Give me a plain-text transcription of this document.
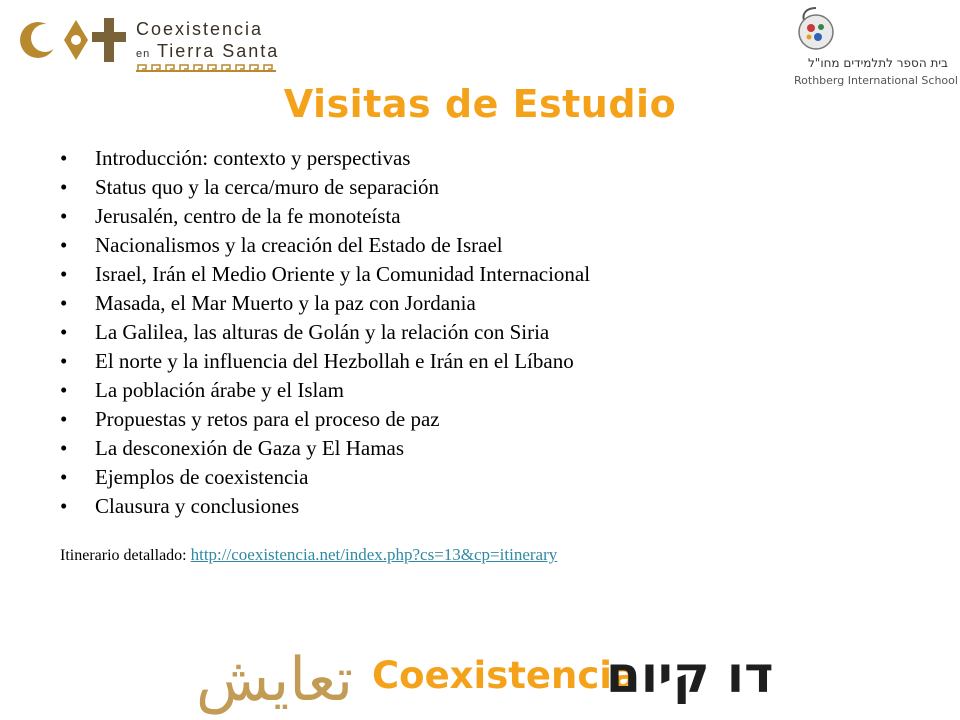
Coexistencia
en Tierra Santa
בית הספר לתלמידים מחו"ל
Rothberg International School
Visitas de Estudio
• Introducción: contexto y perspectivas
• Status quo y la cerca/muro de separación
• Jerusalén, centro de la fe monoteísta
• Nacionalismos y la creación del Estado de Israel
• Israel, Irán el Medio Oriente y la Comunidad Internacional
• Masada, el Mar Muerto y la paz con Jordania
• La Galilea, las alturas de Golán y la relación con Siria
• El norte y la influencia del Hezbollah e Irán en el Líbano
• La población árabe y el Islam
• Propuestas y retos para el proceso de paz
• La desconexión de Gaza y El Hamas
• Ejemplos de coexistencia
• Clausura y conclusiones
Itinerario detallado: http://coexistencia.net/index.php?cs=13&cp=itinerary
تعايش Coexistencia
דו קיום
